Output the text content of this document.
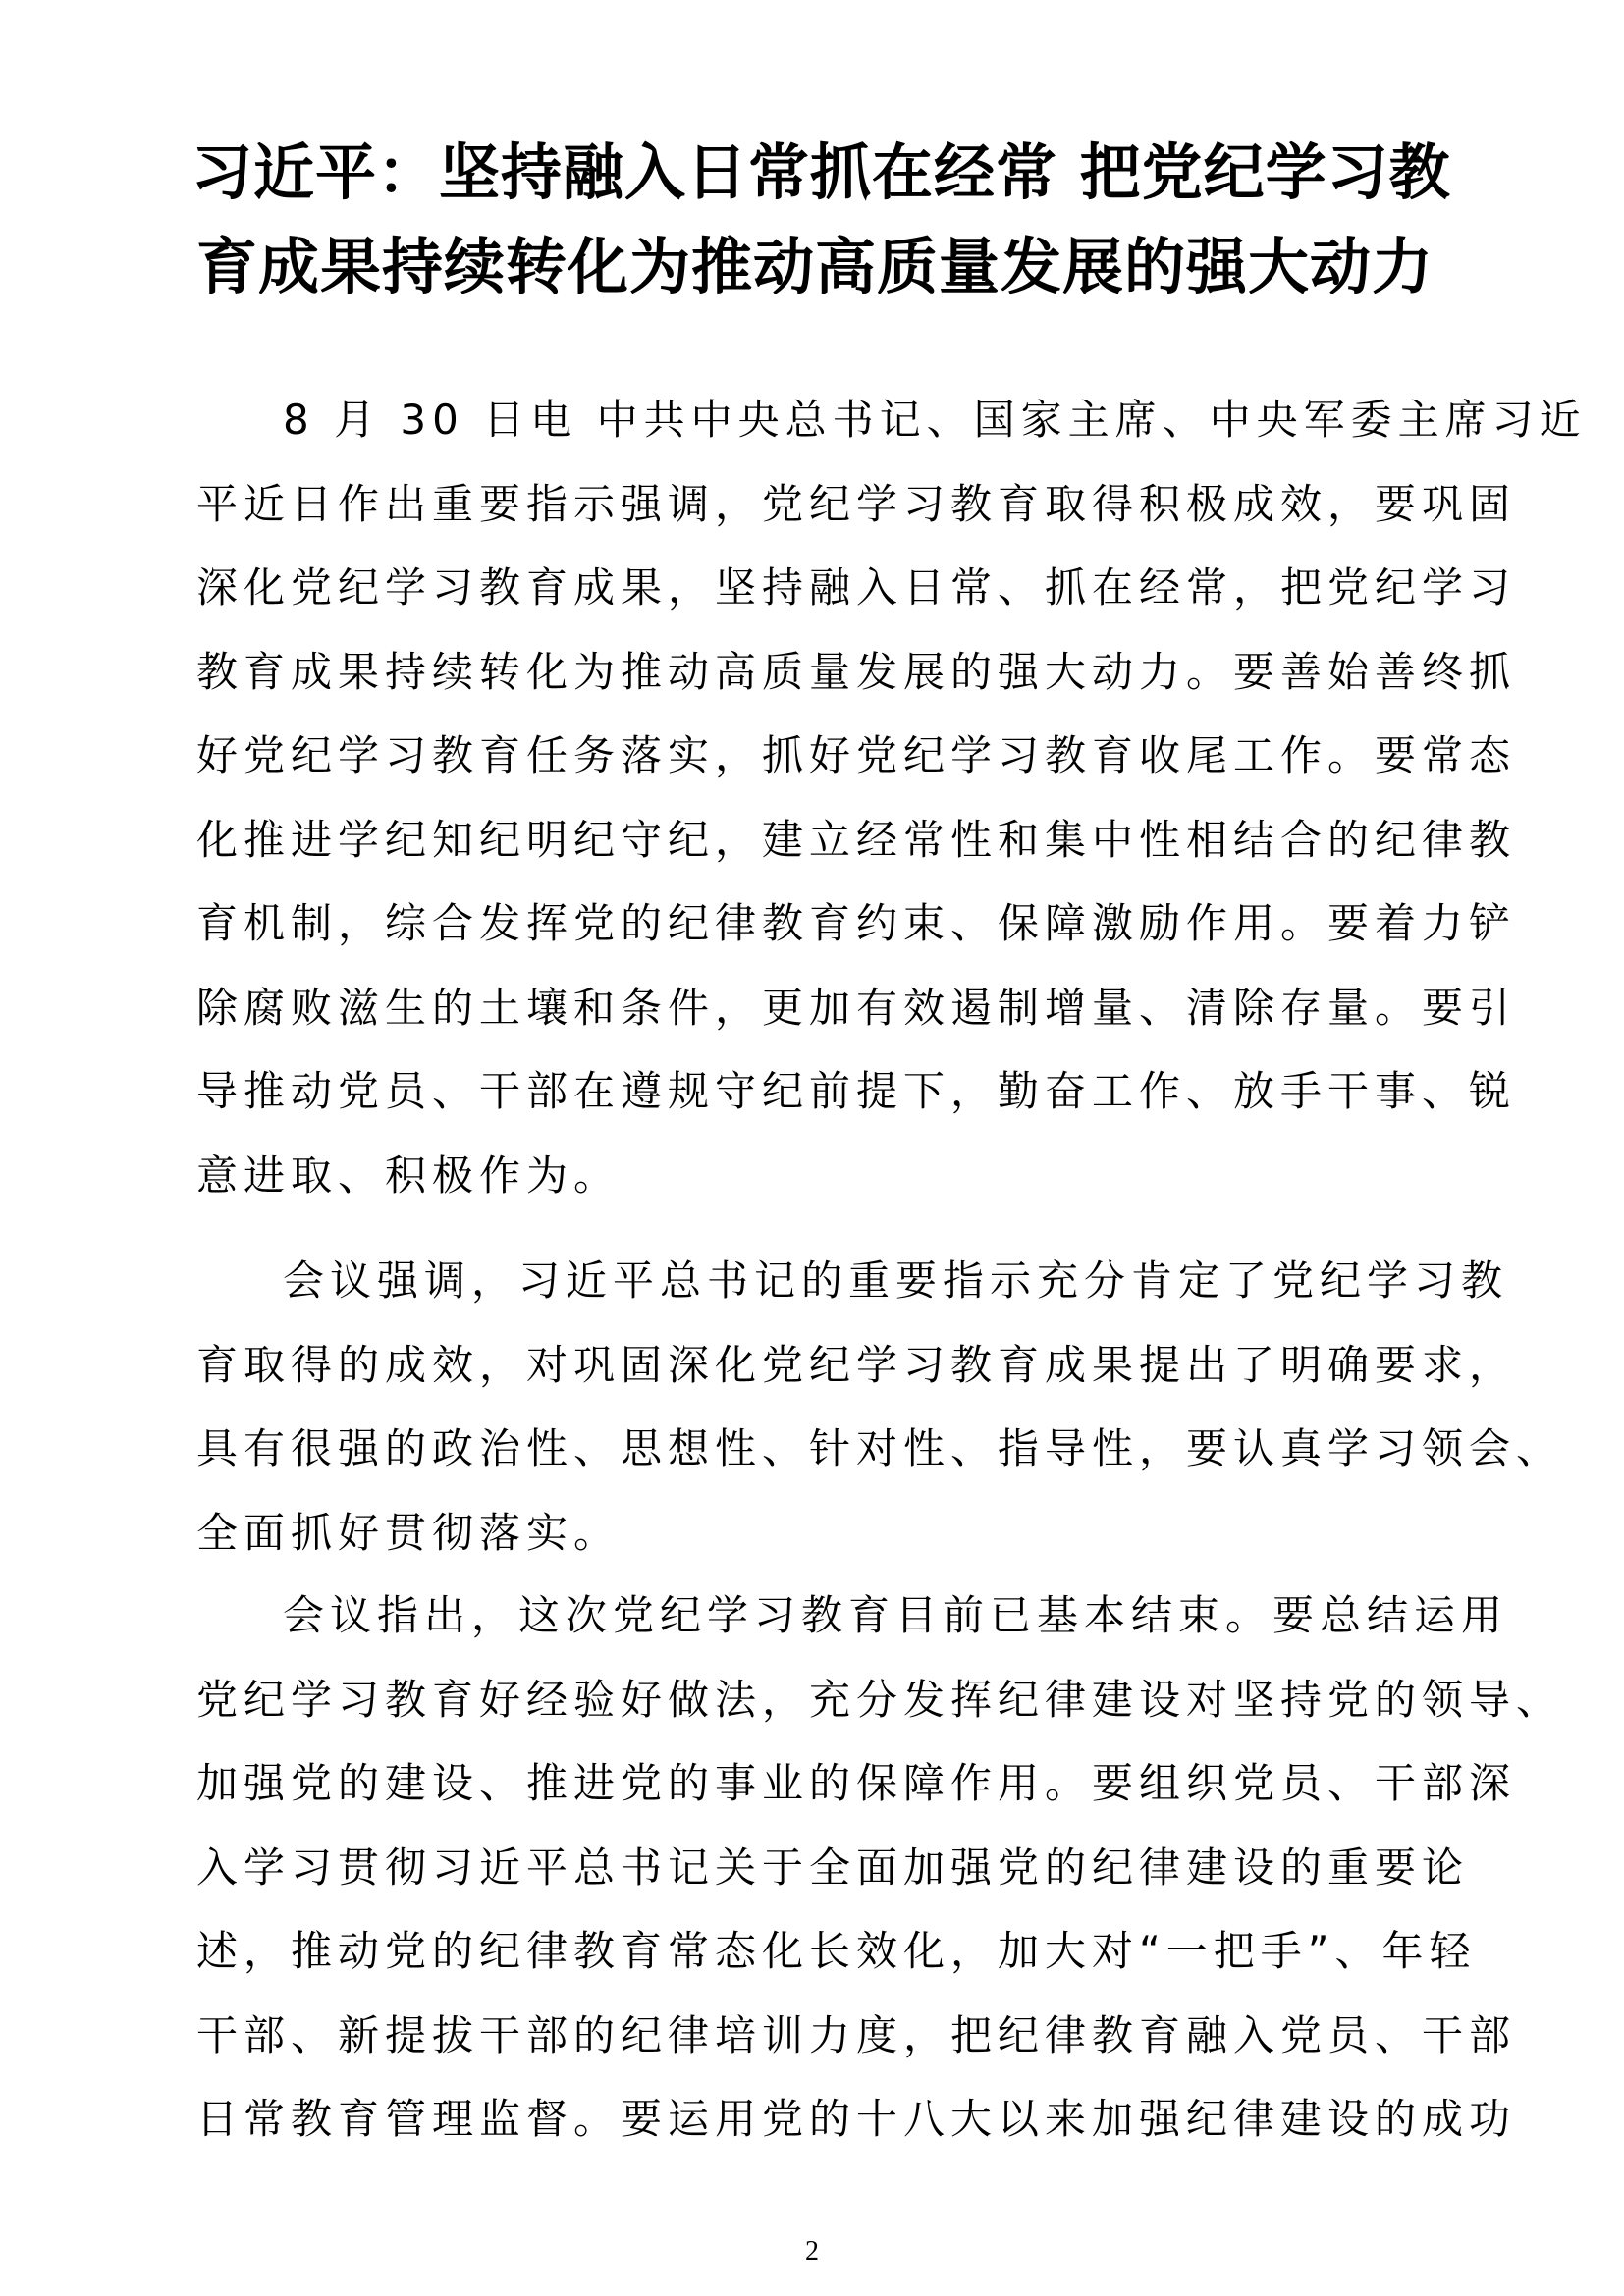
习近平：坚持融入日常抓在经常 把党纪学习教
育成果持续转化为推动高质量发展的强大动力
8 月 30 日电 中共中央总书记、国家主席、中央军委主席习近
平近日作出重要指示强调，党纪学习教育取得积极成效，要巩固
深化党纪学习教育成果，坚持融入日常、抓在经常，把党纪学习
教育成果持续转化为推动高质量发展的强大动力。要善始善终抓
好党纪学习教育任务落实，抓好党纪学习教育收尾工作。要常态
化推进学纪知纪明纪守纪，建立经常性和集中性相结合的纪律教
育机制，综合发挥党的纪律教育约束、保障激励作用。要着力铲
除腐败滋生的土壤和条件，更加有效遏制增量、清除存量。要引
导推动党员、干部在遵规守纪前提下，勤奋工作、放手干事、锐
意进取、积极作为。
会议强调，习近平总书记的重要指示充分肯定了党纪学习教
育取得的成效，对巩固深化党纪学习教育成果提出了明确要求，
具有很强的政治性、思想性、针对性、指导性，要认真学习领会、
全面抓好贯彻落实。
会议指出，这次党纪学习教育目前已基本结束。要总结运用
党纪学习教育好经验好做法，充分发挥纪律建设对坚持党的领导、
加强党的建设、推进党的事业的保障作用。要组织党员、干部深
入学习贯彻习近平总书记关于全面加强党的纪律建设的重要论
述，推动党的纪律教育常态化长效化，加大对“一把手”、年轻
干部、新提拔干部的纪律培训力度，把纪律教育融入党员、干部
日常教育管理监督。要运用党的十八大以来加强纪律建设的成功
2
